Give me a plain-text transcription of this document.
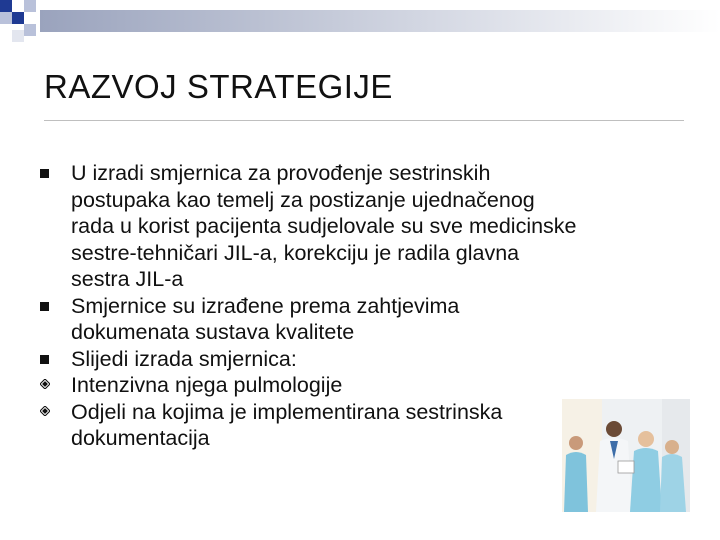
RAZVOJ STRATEGIJE
U izradi smjernica za provođenje sestrinskih postupaka kao temelj za postizanje ujednačenog rada u korist pacijenta sudjelovale su sve medicinske sestre-tehničari JIL-a, korekciju je radila glavna sestra JIL-a
Smjernice su izrađene prema zahtjevima dokumenata sustava kvalitete
Slijedi izrada smjernica:
Intenzivna njega pulmologije
Odjeli na kojima je implementirana sestrinska dokumentacija
